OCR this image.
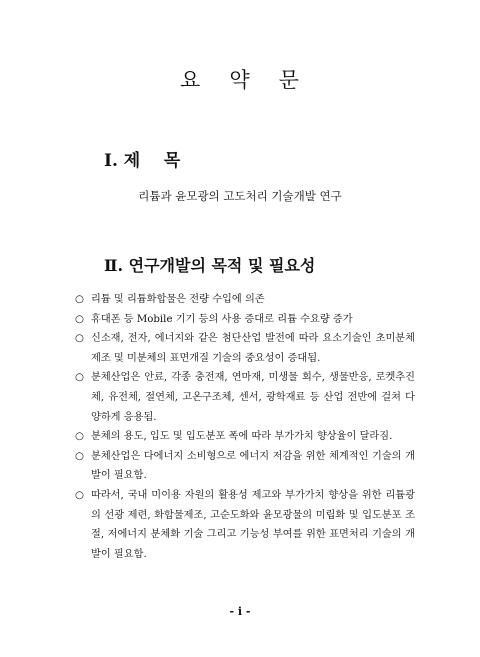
요 약 문
Ⅰ. 제    목
리튬과 윤모광의 고도처리 기술개발 연구
Ⅱ. 연구개발의 목적 및 필요성
○ 리튬 및 리튬화합물은 전량 수입에 의존
○ 휴대폰 등 Mobile 기기 등의 사용 증대로 리튬 수요량 증가
○ 신소재, 전자, 에너지와 같은 첨단산업 발전에 따라 요소기술인 초미분체 제조 및 미분체의 표면개질 기술의 중요성이 증대됨.
○ 분체산업은 안료, 각종 충전재, 연마재, 미생물 회수, 생물반응, 로켓추진체, 유전체, 절연체, 고온구조체, 센서, 광학재료 등 산업 전반에 걸쳐 다양하게 응용됨.
○ 분체의 용도, 입도 및 입도분포 폭에 따라 부가가치 향상율이 달라짐.
○ 분체산업은 다에너지 소비형으로 에너지 저감을 위한 체계적인 기술의 개발이 필요함.
○ 따라서, 국내 미이용 자원의 활용성 제고와 부가가치 향상을 위한 리튬광의 선광 제련, 화합물제조, 고순도화와 윤모광물의 미립화 및 입도분포 조절, 저에너지 분체화 기술 그리고 기능성 부여를 위한 표면처리 기술의 개발이 필요함.
- i -
